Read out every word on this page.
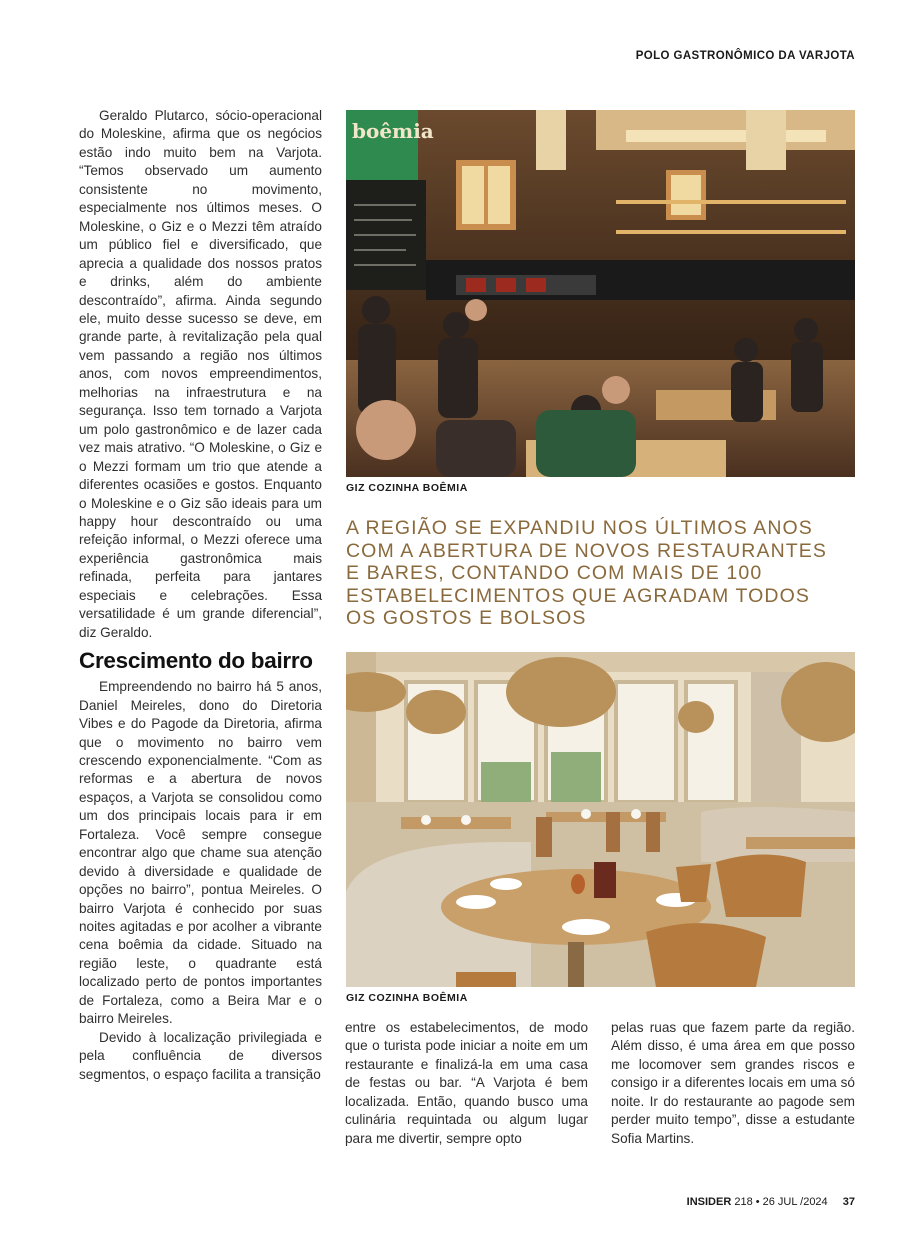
POLO GASTRONÔMICO DA VARJOTA

Geraldo Plutarco, sócio-operacional do Moleskine, afirma que os negócios estão indo muito bem na Varjota. “Temos observado um aumento consistente no movimento, especialmente nos últimos meses. O Moleskine, o Giz e o Mezzi têm atraído um público fiel e diversificado, que aprecia a qualidade dos nossos pratos e drinks, além do ambiente descontraído”, afirma. Ainda segundo ele, muito desse sucesso se deve, em grande parte, à revitalização pela qual vem passando a região nos últimos anos, com novos empreendimentos, melhorias na infraestrutura e na segurança. Isso tem tornado a Varjota um polo gastronômico e de lazer cada vez mais atrativo. “O Moleskine, o Giz e o Mezzi formam um trio que atende a diferentes ocasiões e gostos. Enquanto o Moleskine e o Giz são ideais para um happy hour descontraído ou uma refeição informal, o Mezzi oferece uma experiência gastronômica mais refinada, perfeita para jantares especiais e celebrações. Essa versatilidade é um grande diferencial”, diz Geraldo.

Crescimento do bairro

Empreendendo no bairro há 5 anos, Daniel Meireles, dono do Diretoria Vibes e do Pagode da Diretoria, afirma que o movimento no bairro vem crescendo exponencialmente. “Com as reformas e a abertura de novos espaços, a Varjota se consolidou como um dos principais locais para ir em Fortaleza. Você sempre consegue encontrar algo que chame sua atenção devido à diversidade e qualidade de opções no bairro”, pontua Meireles. O bairro Varjota é conhecido por suas noites agitadas e por acolher a vibrante cena boêmia da cidade. Situado na região leste, o quadrante está localizado perto de pontos importantes de Fortaleza, como a Beira Mar e o bairro Meireles.

Devido à localização privilegiada e pela confluência de diversos segmentos, o espaço facilita a transição

boêmia
GIZ COZINHA BOÊMIA
A REGIÃO SE EXPANDIU NOS ÚLTIMOS ANOS COM A ABERTURA DE NOVOS RESTAURANTES E BARES, CONTANDO COM MAIS DE 100 ESTABELECIMENTOS QUE AGRADAM TODOS OS GOSTOS E BOLSOS
GIZ COZINHA BOÊMIA

entre os estabelecimentos, de modo que o turista pode iniciar a noite em um restaurante e finalizá-la em uma casa de festas ou bar. “A Varjota é bem localizada. Então, quando busco uma culinária requintada ou algum lugar para me divertir, sempre opto

pelas ruas que fazem parte da região. Além disso, é uma área em que posso me locomover sem grandes riscos e consigo ir a diferentes locais em uma só noite. Ir do restaurante ao pagode sem perder muito tempo”, disse a estudante Sofia Martins.

INSIDER 218 • 26 JUL /2024 37
